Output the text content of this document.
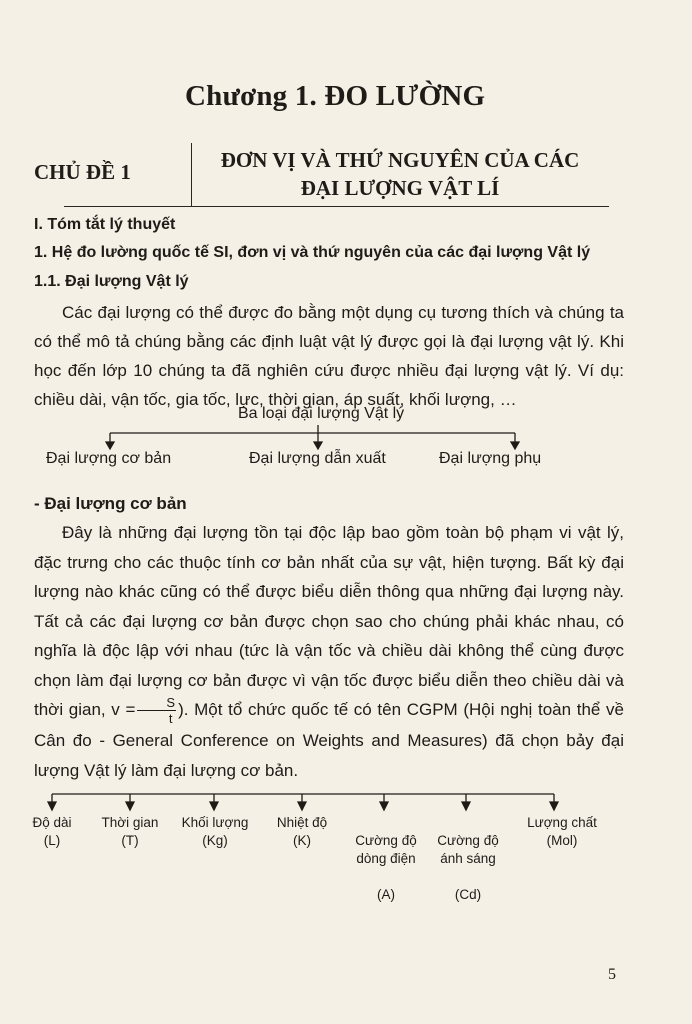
Chương 1. ĐO LƯỜNG
CHỦ ĐỀ 1	ĐƠN VỊ VÀ THỨ NGUYÊN CỦA CÁC
ĐẠI LƯỢNG VẬT LÍ
I. Tóm tắt lý thuyết
1. Hệ đo lường quốc tế SI, đơn vị và thứ nguyên của các đại lượng Vật lý
1.1. Đại lượng Vật lý

Các đại lượng có thể được đo bằng một dụng cụ tương thích và chúng ta có thể mô tả chúng bằng các định luật vật lý được gọi là đại lượng vật lý. Khi học đến lớp 10 chúng ta đã nghiên cứu được nhiều đại lượng vật lý. Ví dụ: chiều dài, vận tốc, gia tốc, lực, thời gian, áp suất, khối lượng, …

Ba loại đại lượng Vật lý
Đại lượng cơ bản	Đại lượng dẫn xuất	Đại lượng phụ
- Đại lượng cơ bản

Đây là những đại lượng tồn tại độc lập bao gồm toàn bộ phạm vi vật lý, đặc trưng cho các thuộc tính cơ bản nhất của sự vật, hiện tượng. Bất kỳ đại lượng nào khác cũng có thể được biểu diễn thông qua những đại lượng này. Tất cả các đại lượng cơ bản được chọn sao cho chúng phải khác nhau, có nghĩa là độc lập với nhau (tức là vận tốc và chiều dài không thể cùng được chọn làm đại lượng cơ bản được vì vận tốc được biểu diễn theo chiều dài và thời gian, $v = \frac{S}{t}$ ). Một tổ chức quốc tế có tên CGPM (Hội nghị toàn thể về Cân đo - General Conference on Weights and Measures) đã chọn bảy đại lượng Vật lý làm đại lượng cơ bản.

Độ dài
(L)
Thời gian
(T)
Khối lượng
(Kg)
Nhiệt độ
(K)	Cường độ
dòng điện

(A)

Cường độ
ánh sáng

(Cd)

Lượng chất
(Mol)
5
